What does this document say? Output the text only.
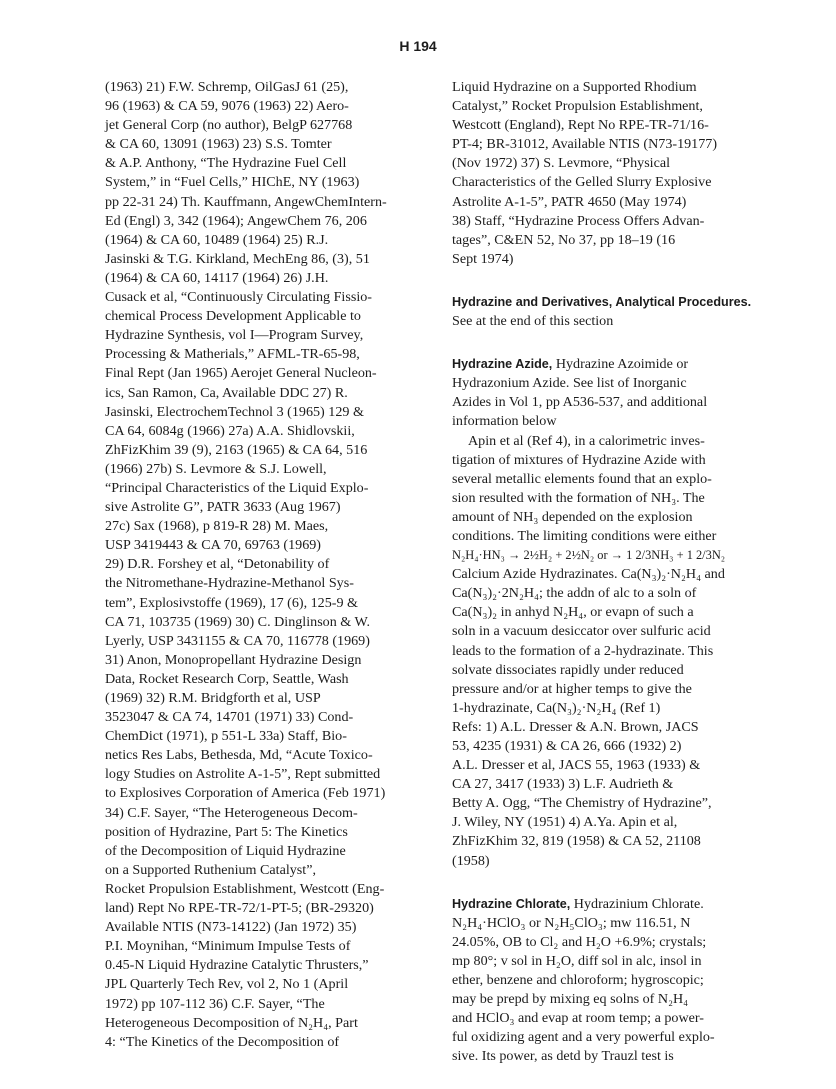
H 194
(1963) 21) F.W. Schremp, OilGasJ 61 (25),
96 (1963) & CA 59, 9076 (1963) 22) Aero-
jet General Corp (no author), BelgP 627768
& CA 60, 13091 (1963) 23) S.S. Tomter
& A.P. Anthony, “The Hydrazine Fuel Cell
System,” in “Fuel Cells,” HIChE, NY (1963)
pp 22-31 24) Th. Kauffmann, AngewChemIntern-
Ed (Engl) 3, 342 (1964); AngewChem 76, 206
(1964) & CA 60, 10489 (1964) 25) R.J.
Jasinski & T.G. Kirkland, MechEng 86, (3), 51
(1964) & CA 60, 14117 (1964) 26) J.H.
Cusack et al, “Continuously Circulating Fissio-
chemical Process Development Applicable to
Hydrazine Synthesis, vol I—Program Survey,
Processing & Matherials,” AFML-TR-65-98,
Final Rept (Jan 1965) Aerojet General Nucleon-
ics, San Ramon, Ca, Available DDC 27) R.
Jasinski, ElectrochemTechnol 3 (1965) 129 &
CA 64, 6084g (1966) 27a) A.A. Shidlovskii,
ZhFizKhim 39 (9), 2163 (1965) & CA 64, 516
(1966) 27b) S. Levmore & S.J. Lowell,
“Principal Characteristics of the Liquid Explo-
sive Astrolite G”, PATR 3633 (Aug 1967)
27c) Sax (1968), p 819-R 28) M. Maes,
USP 3419443 & CA 70, 69763 (1969)
29) D.R. Forshey et al, “Detonability of
the Nitromethane-Hydrazine-Methanol Sys-
tem”, Explosivstoffe (1969), 17 (6), 125-9 &
CA 71, 103735 (1969) 30) C. Dinglinson & W.
Lyerly, USP 3431155 & CA 70, 116778 (1969)
31) Anon, Monopropellant Hydrazine Design
Data, Rocket Research Corp, Seattle, Wash
(1969) 32) R.M. Bridgforth et al, USP
3523047 & CA 74, 14701 (1971) 33) Cond-
ChemDict (1971), p 551-L 33a) Staff, Bio-
netics Res Labs, Bethesda, Md, “Acute Toxico-
logy Studies on Astrolite A-1-5”, Rept submitted
to Explosives Corporation of America (Feb 1971)
34) C.F. Sayer, “The Heterogeneous Decom-
position of Hydrazine, Part 5: The Kinetics
of the Decomposition of Liquid Hydrazine
on a Supported Ruthenium Catalyst”,
Rocket Propulsion Establishment, Westcott (Eng-
land) Rept No RPE-TR-72/1-PT-5; (BR-29320)
Available NTIS (N73-14122) (Jan 1972) 35)
P.I. Moynihan, “Minimum Impulse Tests of
0.45-N Liquid Hydrazine Catalytic Thrusters,”
JPL Quarterly Tech Rev, vol 2, No 1 (April
1972) pp 107-112 36) C.F. Sayer, “The
Heterogeneous Decomposition of N₂H₄, Part
4: “The Kinetics of the Decomposition of
Liquid Hydrazine on a Supported Rhodium
Catalyst,” Rocket Propulsion Establishment,
Westcott (England), Rept No RPE-TR-71/16-
PT-4; BR-31012, Available NTIS (N73-19177)
(Nov 1972) 37) S. Levmore, “Physical
Characteristics of the Gelled Slurry Explosive
Astrolite A-1-5”, PATR 4650 (May 1974)
38) Staff, “Hydrazine Process Offers Advan-
tages”, C&EN 52, No 37, pp 18–19 (16
Sept 1974)
Hydrazine and Derivatives, Analytical Procedures.
See at the end of this section
Hydrazine Azide, Hydrazine Azoimide or
Hydrazonium Azide. See list of Inorganic
Azides in Vol 1, pp A536-537, and additional
information below
Apin et al (Ref 4), in a calorimetric inves-
tigation of mixtures of Hydrazine Azide with
several metallic elements found that an explo-
sion resulted with the formation of NH₃. The
amount of NH₃ depended on the explosion
conditions. The limiting conditions were either
N₂H₄·HN₃ → 2½H₂ + 2½N₂ or → 1 2/3NH₃ + 1 2/3N₂
Calcium Azide Hydrazinates. Ca(N₃)₂·N₂H₄ and
Ca(N₃)₂·2N₂H₄; the addn of alc to a soln of
Ca(N₃)₂ in anhyd N₂H₄, or evapn of such a
soln in a vacuum desiccator over sulfuric acid
leads to the formation of a 2-hydrazinate. This
solvate dissociates rapidly under reduced
pressure and/or at higher temps to give the
1-hydrazinate, Ca(N₃)₂·N₂H₄ (Ref 1)
Refs: 1) A.L. Dresser & A.N. Brown, JACS
53, 4235 (1931) & CA 26, 666 (1932) 2)
A.L. Dresser et al, JACS 55, 1963 (1933) &
CA 27, 3417 (1933) 3) L.F. Audrieth &
Betty A. Ogg, “The Chemistry of Hydrazine”,
J. Wiley, NY (1951) 4) A.Ya. Apin et al,
ZhFizKhim 32, 819 (1958) & CA 52, 21108
(1958)
Hydrazine Chlorate, Hydrazinium Chlorate.
N₂H₄·HClO₃ or N₂H₅ClO₃; mw 116.51, N
24.05%, OB to Cl₂ and H₂O +6.9%; crystals;
mp 80°; v sol in H₂O, diff sol in alc, insol in
ether, benzene and chloroform; hygroscopic;
may be prepd by mixing eq solns of N₂H₄
and HClO₃ and evap at room temp; a power-
ful oxidizing agent and a very powerful explo-
sive. Its power, as detd by Trauzl test is
